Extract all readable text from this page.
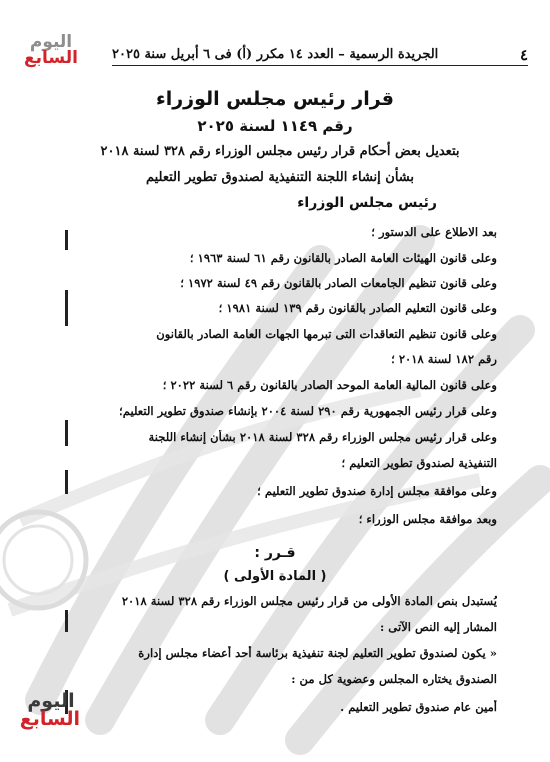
اليوم
السابع
اليوم
السابع
٤
الجريدة الرسمية – العدد ١٤ مكرر (أ) فى ٦ أبريل سنة ٢٠٢٥
قرار رئيس مجلس الوزراء
رقم ١١٤٩ لسنة ٢٠٢٥
بتعديل بعض أحكام قرار رئيس مجلس الوزراء رقم ٣٢٨ لسنة ٢٠١٨
بشأن إنشاء اللجنة التنفيذية لصندوق تطوير التعليم
رئيس مجلس الوزراء
بعد الاطلاع على الدستور ؛
وعلى قانون الهيئات العامة الصادر بالقانون رقم ٦١ لسنة ١٩٦٣ ؛
وعلى قانون تنظيم الجامعات الصادر بالقانون رقم ٤٩ لسنة ١٩٧٢ ؛
وعلى قانون التعليم الصادر بالقانون رقم ١٣٩ لسنة ١٩٨١ ؛
وعلى قانون تنظيم التعاقدات التى تبرمها الجهات العامة الصادر بالقانون
رقم ١٨٢ لسنة ٢٠١٨ ؛
وعلى قانون المالية العامة الموحد الصادر بالقانون رقم ٦ لسنة ٢٠٢٢ ؛
وعلى قرار رئيس الجمهورية رقم ٢٩٠ لسنة ٢٠٠٤ بإنشاء صندوق تطوير التعليم؛
وعلى قرار رئيس مجلس الوزراء رقم ٣٢٨ لسنة ٢٠١٨ بشأن إنشاء اللجنة
التنفيذية لصندوق تطوير التعليم ؛
وعلى موافقة مجلس إدارة صندوق تطوير التعليم ؛
وبعد موافقة مجلس الوزراء ؛
قـرر :
( المادة الأولى )
يُستبدل بنص المادة الأولى من قرار رئيس مجلس الوزراء رقم ٣٢٨ لسنة ٢٠١٨
المشار إليه النص الآتى :
« يكون لصندوق تطوير التعليم لجنة تنفيذية برئاسة أحد أعضاء مجلس إدارة
الصندوق يختاره المجلس وعضوية كل من :
أمين عام صندوق تطوير التعليم .
